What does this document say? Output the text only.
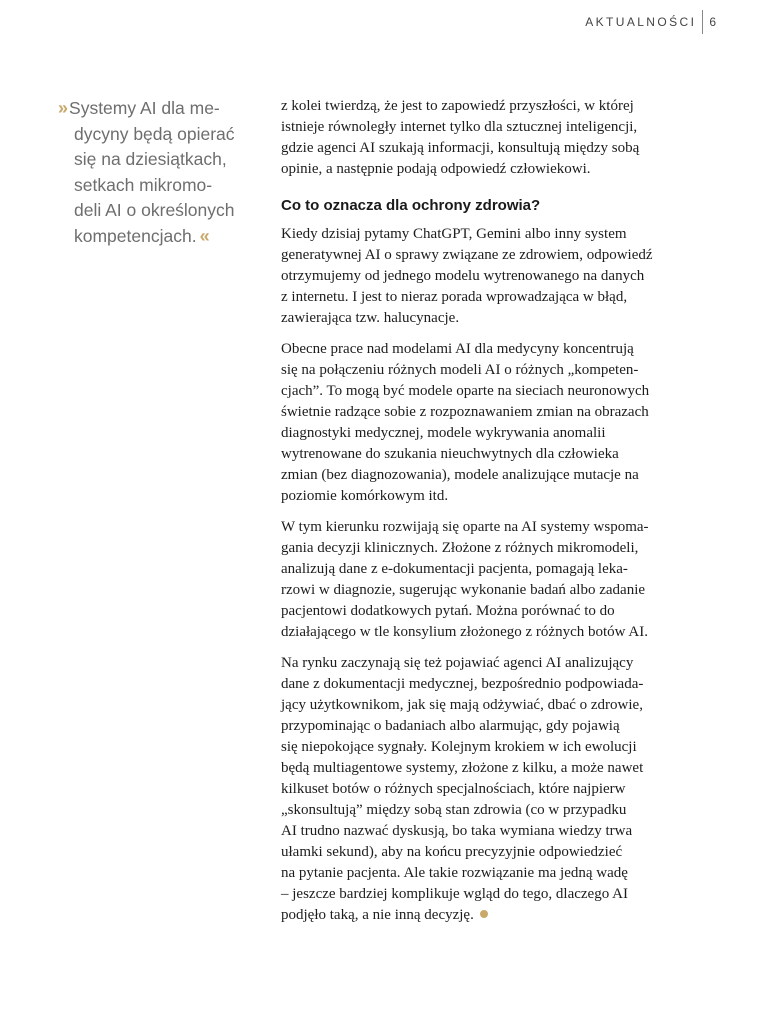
AKTUALNOŚCI 6
»Systemy AI dla me-
dycyny będą opierać
się na dziesiątkach,
setkach mikromo-
deli AI o określonych
kompetencjach. «

z kolei twierdzą, że jest to zapowiedź przyszłości, w której
istnieje równoległy internet tylko dla sztucznej inteligencji,
gdzie agenci AI szukają informacji, konsultują między sobą
opinie, a następnie podają odpowiedź człowiekowi.

Co to oznacza dla ochrony zdrowia?

Kiedy dzisiaj pytamy ChatGPT, Gemini albo inny system
generatywnej AI o sprawy związane ze zdrowiem, odpowiedź
otrzymujemy od jednego modelu wytrenowanego na danych
z internetu. I jest to nieraz porada wprowadzająca w błąd,
zawierająca tzw. halucynacje.

Obecne prace nad modelami AI dla medycyny koncentrują
się na połączeniu różnych modeli AI o różnych „kompeten-
cjach”. To mogą być modele oparte na sieciach neuronowych
świetnie radzące sobie z rozpoznawaniem zmian na obrazach
diagnostyki medycznej, modele wykrywania anomalii
wytrenowane do szukania nieuchwytnych dla człowieka
zmian (bez diagnozowania), modele analizujące mutacje na
poziomie komórkowym itd.

W tym kierunku rozwijają się oparte na AI systemy wspoma-
gania decyzji klinicznych. Złożone z różnych mikromodeli,
analizują dane z e-dokumentacji pacjenta, pomagają leka-
rzowi w diagnozie, sugerując wykonanie badań albo zadanie
pacjentowi dodatkowych pytań. Można porównać to do
działającego w tle konsylium złożonego z różnych botów AI.

Na rynku zaczynają się też pojawiać agenci AI analizujący
dane z dokumentacji medycznej, bezpośrednio podpowiada-
jący użytkownikom, jak się mają odżywiać, dbać o zdrowie,
przypominając o badaniach albo alarmując, gdy pojawią
się niepokojące sygnały. Kolejnym krokiem w ich ewolucji
będą multiagentowe systemy, złożone z kilku, a może nawet
kilkuset botów o różnych specjalnościach, które najpierw
„skonsultują” między sobą stan zdrowia (co w przypadku
AI trudno nazwać dyskusją, bo taka wymiana wiedzy trwa
ułamki sekund), aby na końcu precyzyjnie odpowiedzieć
na pytanie pacjenta. Ale takie rozwiązanie ma jedną wadę
– jeszcze bardziej komplikuje wgląd do tego, dlaczego AI
podjęło taką, a nie inną decyzję.
